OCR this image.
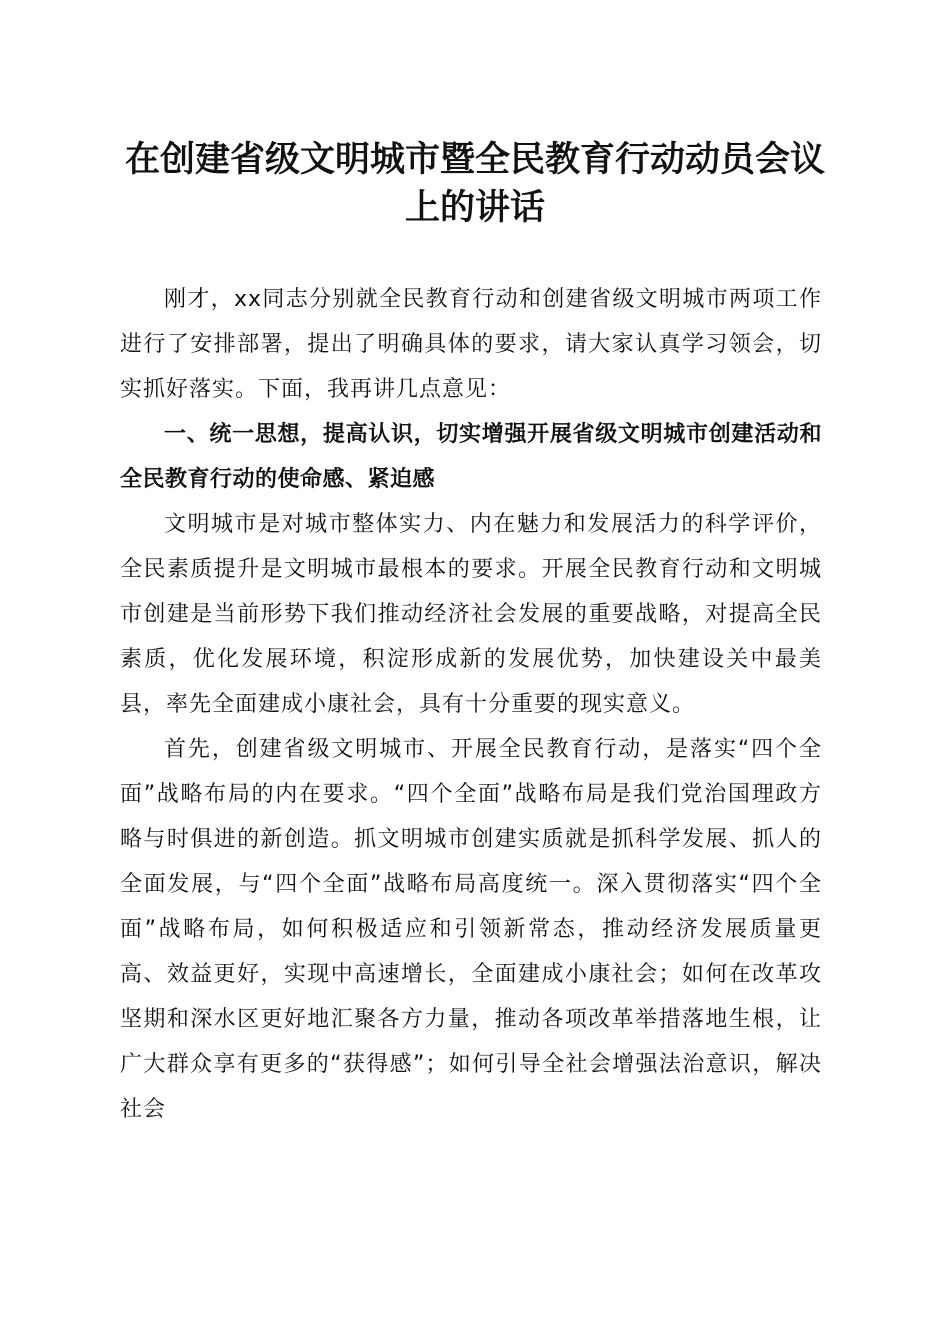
在创建省级文明城市暨全民教育行动动员会议
上的讲话

刚才，xx同志分别就全民教育行动和创建省级文明城市两项工作进行了安排部署，提出了明确具体的要求，请大家认真学习领会，切实抓好落实。下面，我再讲几点意见：

一、统一思想，提高认识，切实增强开展省级文明城市创建活动和全民教育行动的使命感、紧迫感

文明城市是对城市整体实力、内在魅力和发展活力的科学评价，全民素质提升是文明城市最根本的要求。开展全民教育行动和文明城市创建是当前形势下我们推动经济社会发展的重要战略，对提高全民素质，优化发展环境，积淀形成新的发展优势，加快建设关中最美县，率先全面建成小康社会，具有十分重要的现实意义。

首先，创建省级文明城市、开展全民教育行动，是落实“四个全面”战略布局的内在要求。“四个全面”战略布局是我们党治国理政方略与时俱进的新创造。抓文明城市创建实质就是抓科学发展、抓人的全面发展，与“四个全面”战略布局高度统一。深入贯彻落实“四个全面”战略布局，如何积极适应和引领新常态，推动经济发展质量更高、效益更好，实现中高速增长，全面建成小康社会；如何在改革攻坚期和深水区更好地汇聚各方力量，推动各项改革举措落地生根，让广大群众享有更多的“获得感”；如何引导全社会增强法治意识，解决社会
